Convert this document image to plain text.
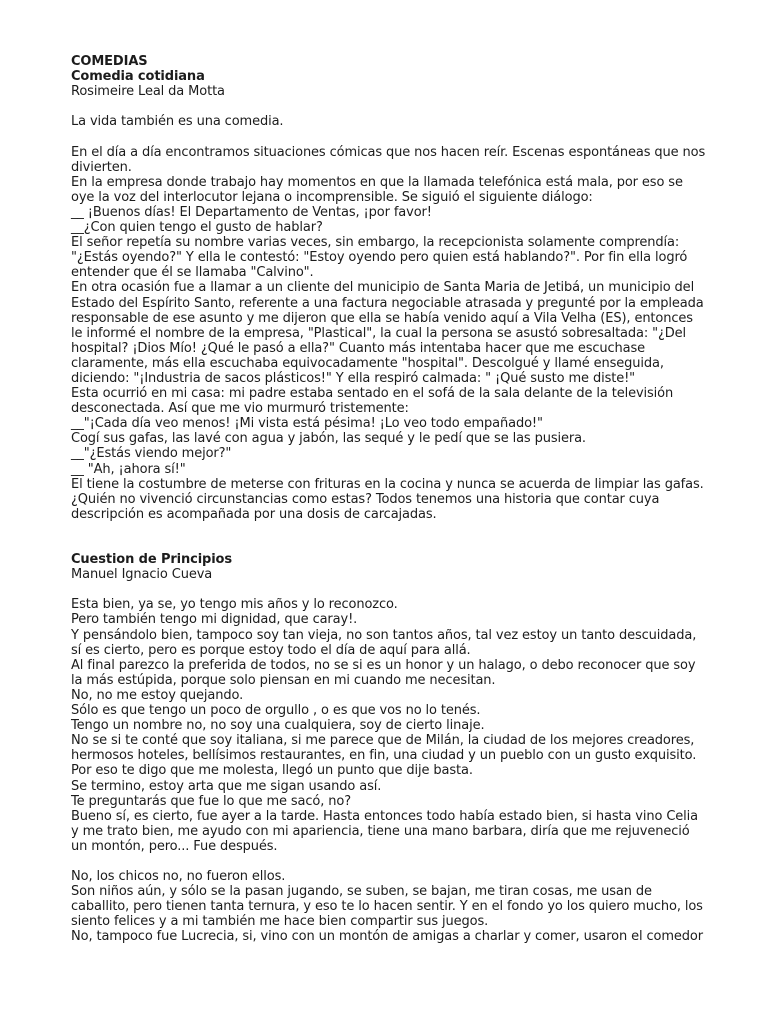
COMEDIAS
Comedia cotidiana
Rosimeire Leal da Motta
La vida también es una comedia.
En el día a día encontramos situaciones cómicas que nos hacen reír. Escenas espontáneas que nos
divierten.
En la empresa donde trabajo hay momentos en que la llamada telefónica está mala, por eso se
oye la voz del interlocutor lejana o incomprensible. Se siguió el siguiente diálogo:
__ ¡Buenos días! El Departamento de Ventas, ¡por favor!
__¿Con quien tengo el gusto de hablar?
El señor repetía su nombre varias veces, sin embargo, la recepcionista solamente comprendía:
"¿Estás oyendo?" Y ella le contestó: "Estoy oyendo pero quien está hablando?". Por fin ella logró
entender que él se llamaba "Calvino".
En otra ocasión fue a llamar a un cliente del municipio de Santa Maria de Jetibá, un municipio del
Estado del Espírito Santo, referente a una factura negociable atrasada y pregunté por la empleada
responsable de ese asunto y me dijeron que ella se había venido aquí a Vila Velha (ES), entonces
le informé el nombre de la empresa, "Plastical", la cual la persona se asustó sobresaltada: "¿Del
hospital? ¡Dios Mío! ¿Qué le pasó a ella?" Cuanto más intentaba hacer que me escuchase
claramente, más ella escuchaba equivocadamente "hospital". Descolgué y llamé enseguida,
diciendo: "¡Industria de sacos plásticos!" Y ella respiró calmada: " ¡Qué susto me diste!"
Esta ocurrió en mi casa: mi padre estaba sentado en el sofá de la sala delante de la televisión
desconectada. Así que me vio murmuró tristemente:
__"¡Cada día veo menos! ¡Mi vista está pésima! ¡Lo veo todo empañado!"
Cogí sus gafas, las lavé con agua y jabón, las sequé y le pedí que se las pusiera.
__"¿Estás viendo mejor?"
__ "Ah, ¡ahora sí!"
El tiene la costumbre de meterse con frituras en la cocina y nunca se acuerda de limpiar las gafas.
¿Quién no vivenció circunstancias como estas? Todos tenemos una historia que contar cuya
descripción es acompañada por una dosis de carcajadas.
Cuestion de Principios
Manuel Ignacio Cueva
Esta bien, ya se, yo tengo mis años y lo reconozco.
Pero también tengo mi dignidad, que caray!.
Y pensándolo bien, tampoco soy tan vieja, no son tantos años, tal vez estoy un tanto descuidada,
sí es cierto, pero es porque estoy todo el día de aquí para allá.
Al final parezco la preferida de todos, no se si es un honor y un halago, o debo reconocer que soy
la más estúpida, porque solo piensan en mi cuando me necesitan.
No, no me estoy quejando.
Sólo es que tengo un poco de orgullo , o es que vos no lo tenés.
Tengo un nombre no, no soy una cualquiera, soy de cierto linaje.
No se si te conté que soy italiana, si me parece que de Milán, la ciudad de los mejores creadores,
hermosos hoteles, bellísimos restaurantes, en fin, una ciudad y un pueblo con un gusto exquisito.
Por eso te digo que me molesta, llegó un punto que dije basta.
Se termino, estoy arta que me sigan usando así.
Te preguntarás que fue lo que me sacó, no?
Bueno sí, es cierto, fue ayer a la tarde. Hasta entonces todo había estado bien, si hasta vino Celia
y me trato bien, me ayudo con mi apariencia, tiene una mano barbara, diría que me rejuveneció
un montón, pero... Fue después.
No, los chicos no, no fueron ellos.
Son niños aún, y sólo se la pasan jugando, se suben, se bajan, me tiran cosas, me usan de
caballito, pero tienen tanta ternura, y eso te lo hacen sentir. Y en el fondo yo los quiero mucho, los
siento felices y a mi también me hace bien compartir sus juegos.
No, tampoco fue Lucrecia, si, vino con un montón de amigas a charlar y comer, usaron el comedor
